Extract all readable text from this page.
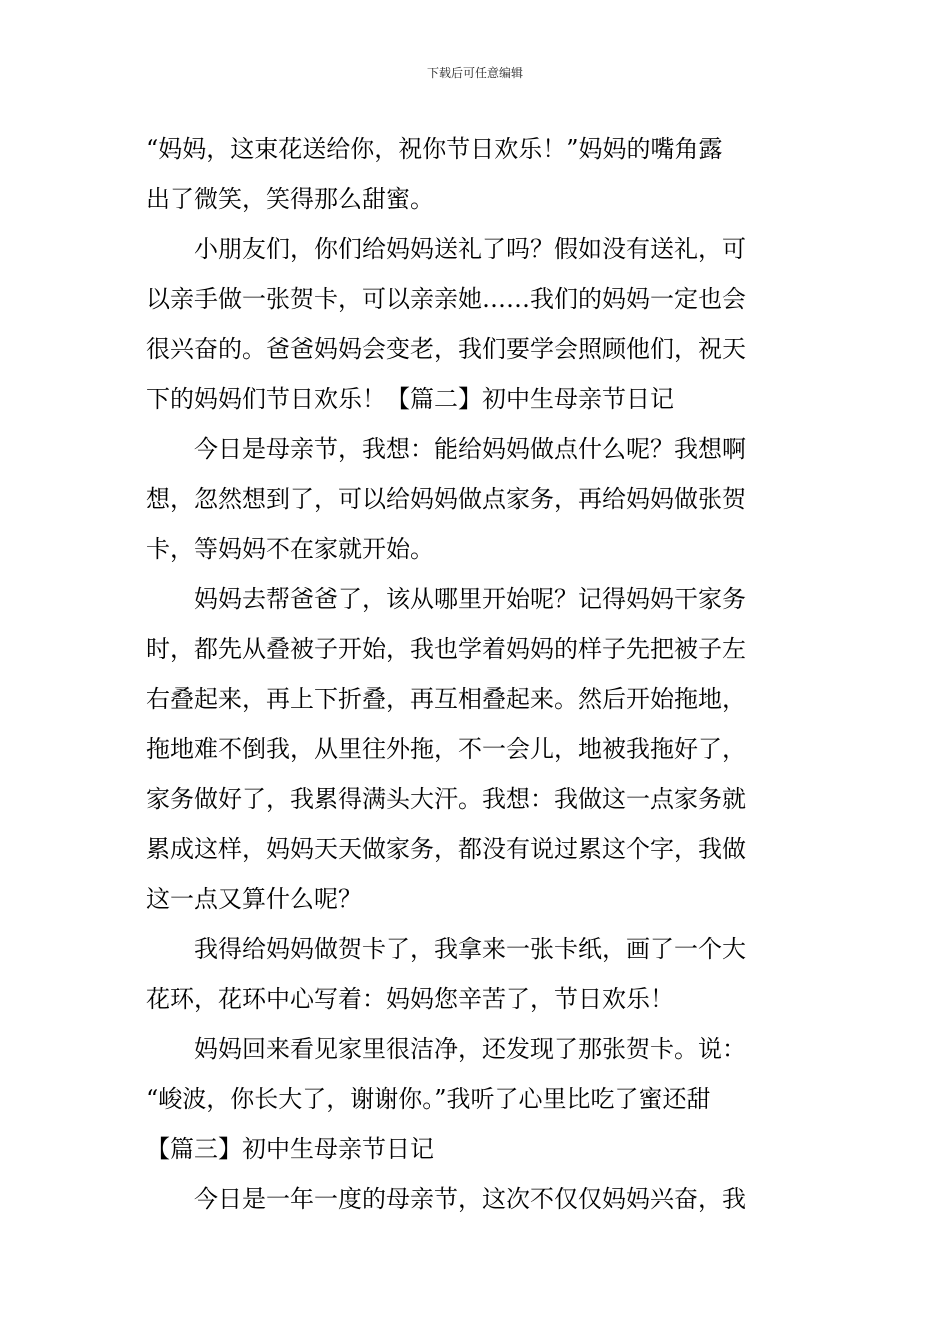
下载后可任意编辑
“妈妈，这束花送给你，祝你节日欢乐！”妈妈的嘴角露
出了微笑，笑得那么甜蜜。
　　小朋友们，你们给妈妈送礼了吗？假如没有送礼，可
以亲手做一张贺卡，可以亲亲她……我们的妈妈一定也会
很兴奋的。爸爸妈妈会变老，我们要学会照顾他们，祝天
下的妈妈们节日欢乐！【篇二】初中生母亲节日记
　　今日是母亲节，我想：能给妈妈做点什么呢？我想啊
想，忽然想到了，可以给妈妈做点家务，再给妈妈做张贺
卡，等妈妈不在家就开始。
　　妈妈去帮爸爸了，该从哪里开始呢？记得妈妈干家务
时，都先从叠被子开始，我也学着妈妈的样子先把被子左
右叠起来，再上下折叠，再互相叠起来。然后开始拖地，
拖地难不倒我，从里往外拖，不一会儿，地被我拖好了，
家务做好了，我累得满头大汗。我想：我做这一点家务就
累成这样，妈妈天天做家务，都没有说过累这个字，我做
这一点又算什么呢？
　　我得给妈妈做贺卡了，我拿来一张卡纸，画了一个大
花环，花环中心写着：妈妈您辛苦了，节日欢乐！
　　妈妈回来看见家里很洁净，还发现了那张贺卡。说：
“峻波，你长大了，谢谢你。”我听了心里比吃了蜜还甜
【篇三】初中生母亲节日记
　　今日是一年一度的母亲节，这次不仅仅妈妈兴奋，我
